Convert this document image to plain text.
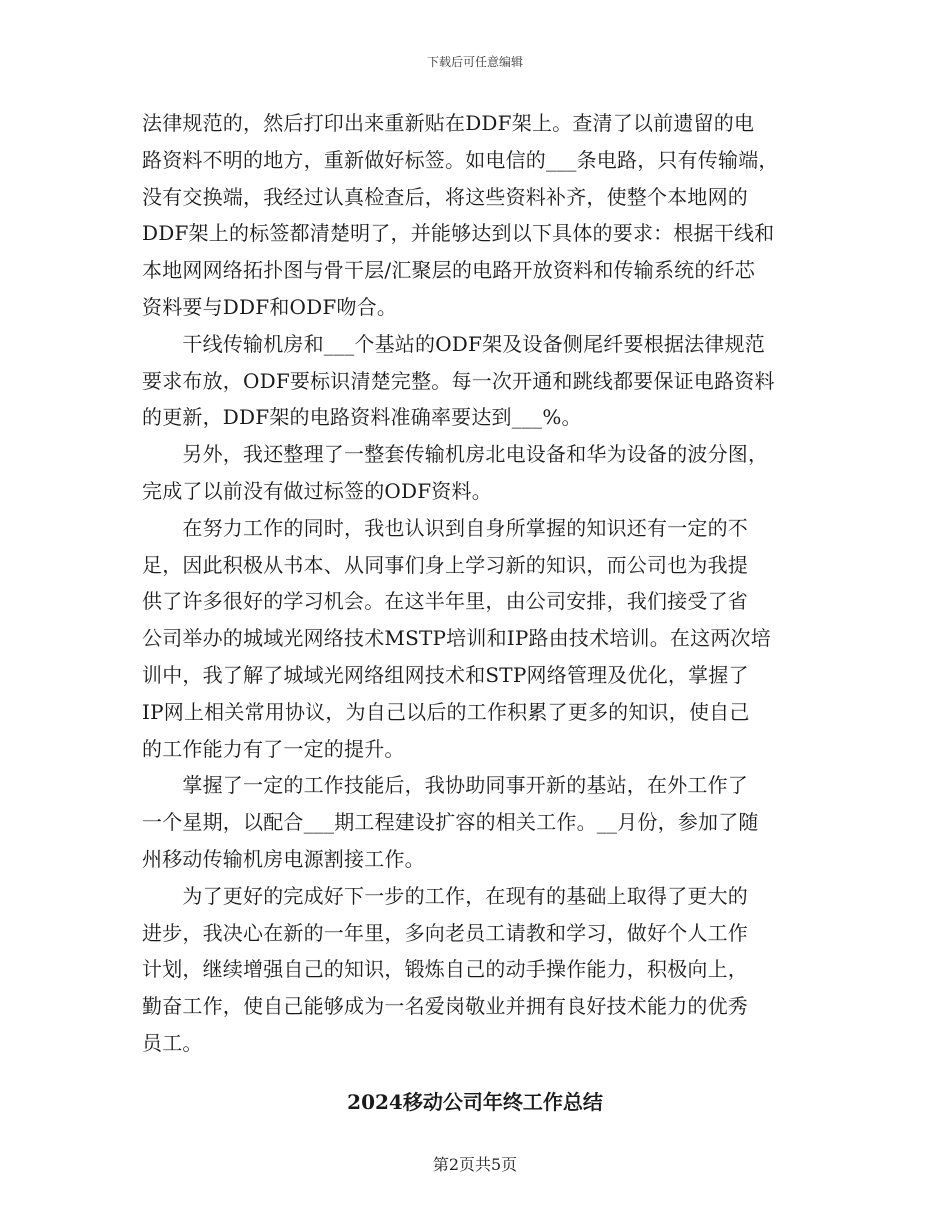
下载后可任意编辑
法律规范的，然后打印出来重新贴在DDF架上。查清了以前遗留的电
路资料不明的地方，重新做好标签。如电信的___条电路，只有传输端，
没有交换端，我经过认真检查后，将这些资料补齐，使整个本地网的
DDF架上的标签都清楚明了，并能够达到以下具体的要求：根据干线和
本地网网络拓扑图与骨干层/汇聚层的电路开放资料和传输系统的纤芯
资料要与DDF和ODF吻合。
　　干线传输机房和___个基站的ODF架及设备侧尾纤要根据法律规范
要求布放，ODF要标识清楚完整。每一次开通和跳线都要保证电路资料
的更新，DDF架的电路资料准确率要达到___%。
　　另外，我还整理了一整套传输机房北电设备和华为设备的波分图，
完成了以前没有做过标签的ODF资料。
　　在努力工作的同时，我也认识到自身所掌握的知识还有一定的不
足，因此积极从书本、从同事们身上学习新的知识，而公司也为我提
供了许多很好的学习机会。在这半年里，由公司安排，我们接受了省
公司举办的城域光网络技术MSTP培训和IP路由技术培训。在这两次培
训中，我了解了城域光网络组网技术和STP网络管理及优化，掌握了
IP网上相关常用协议，为自己以后的工作积累了更多的知识，使自己
的工作能力有了一定的提升。
　　掌握了一定的工作技能后，我协助同事开新的基站，在外工作了
一个星期，以配合___期工程建设扩容的相关工作。__月份，参加了随
州移动传输机房电源割接工作。
　　为了更好的完成好下一步的工作，在现有的基础上取得了更大的
进步，我决心在新的一年里，多向老员工请教和学习，做好个人工作
计划，继续增强自己的知识，锻炼自己的动手操作能力，积极向上，
勤奋工作，使自己能够成为一名爱岗敬业并拥有良好技术能力的优秀
员工。
2024移动公司年终工作总结
第2页共5页
